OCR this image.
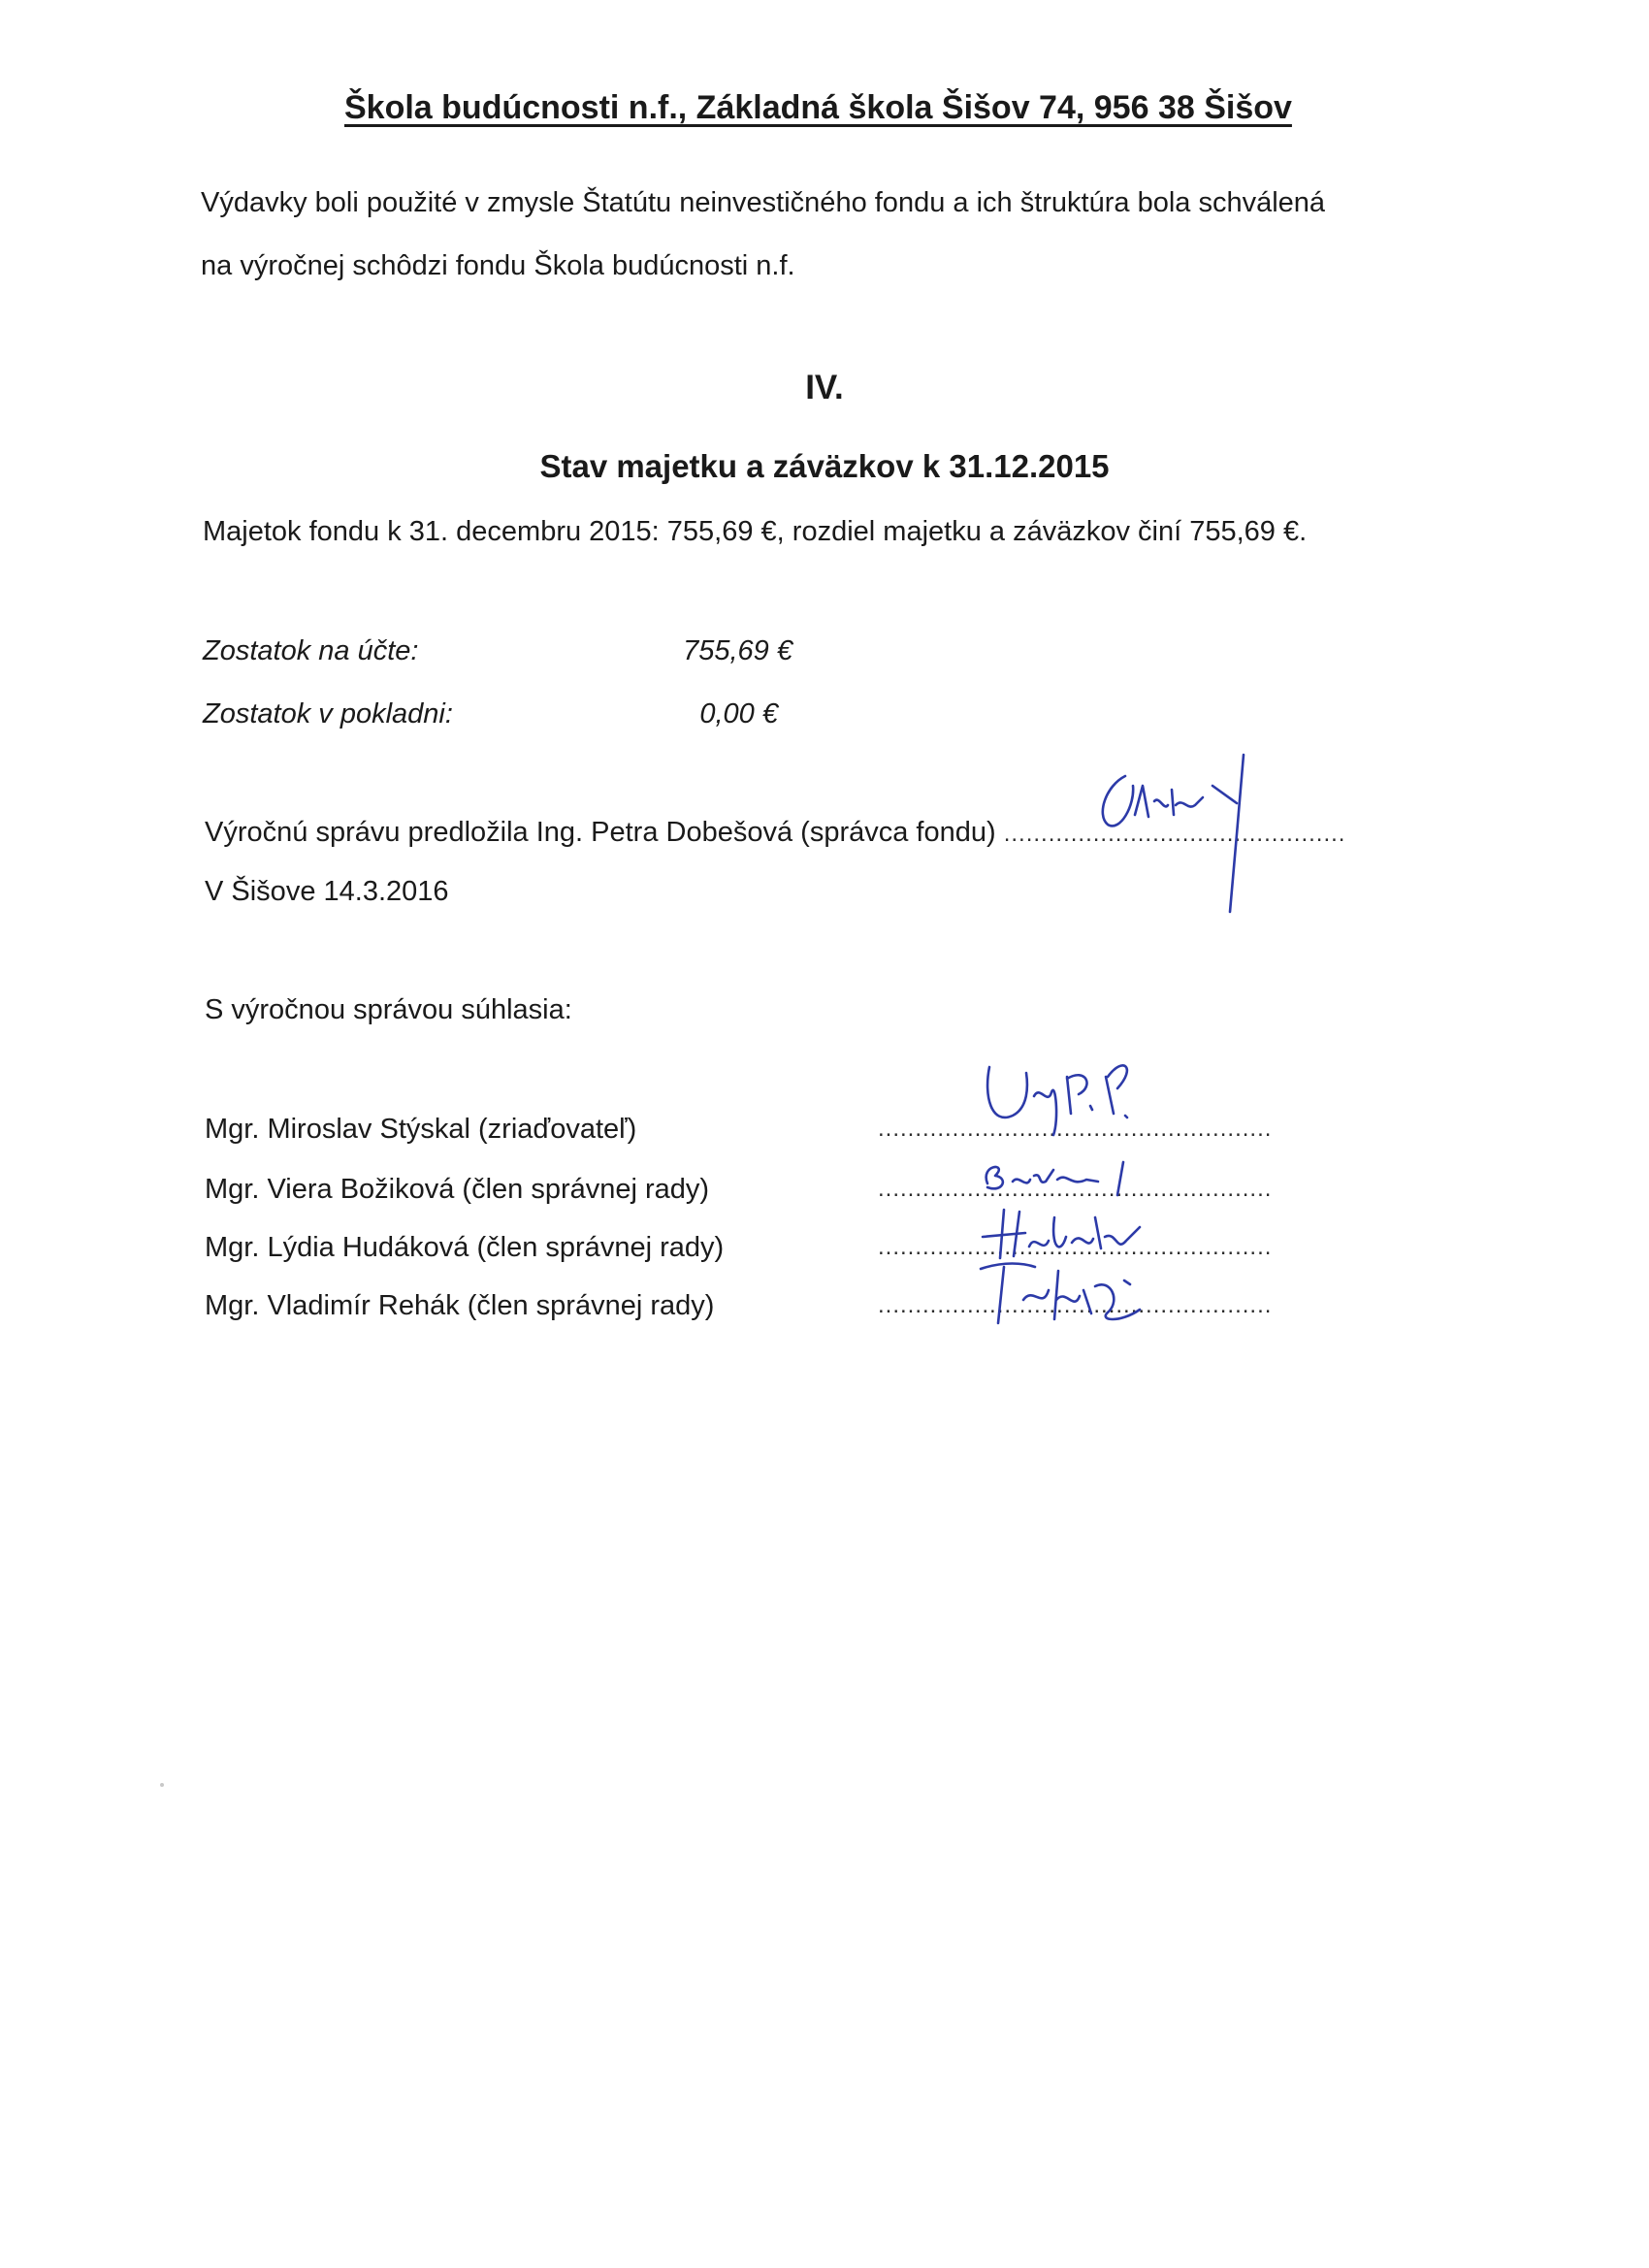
Škola budúcnosti n.f., Základná škola Šišov 74, 956 38 Šišov
Výdavky boli použité v zmysle Štatútu neinvestičného fondu a ich štruktúra bola schválená
na výročnej schôdzi fondu Škola budúcnosti n.f.
IV.
Stav majetku a záväzkov k 31.12.2015
Majetok fondu k 31. decembru 2015: 755,69 €, rozdiel majetku a záväzkov činí 755,69 €.
Zostatok na účte:	755,69 €
Zostatok v pokladni:	0,00 €
Výročnú správu predložila Ing. Petra Dobešová (správca fondu) ..............................................
V Šišove 14.3.2016
S výročnou správou súhlasia:
Mgr. Miroslav Stýskal (zriaďovateľ)	.....................................................
Mgr. Viera Božiková (člen správnej rady)	.....................................................
Mgr. Lýdia Hudáková (člen správnej rady)	.....................................................
Mgr. Vladimír Rehák (člen správnej rady)	.....................................................
